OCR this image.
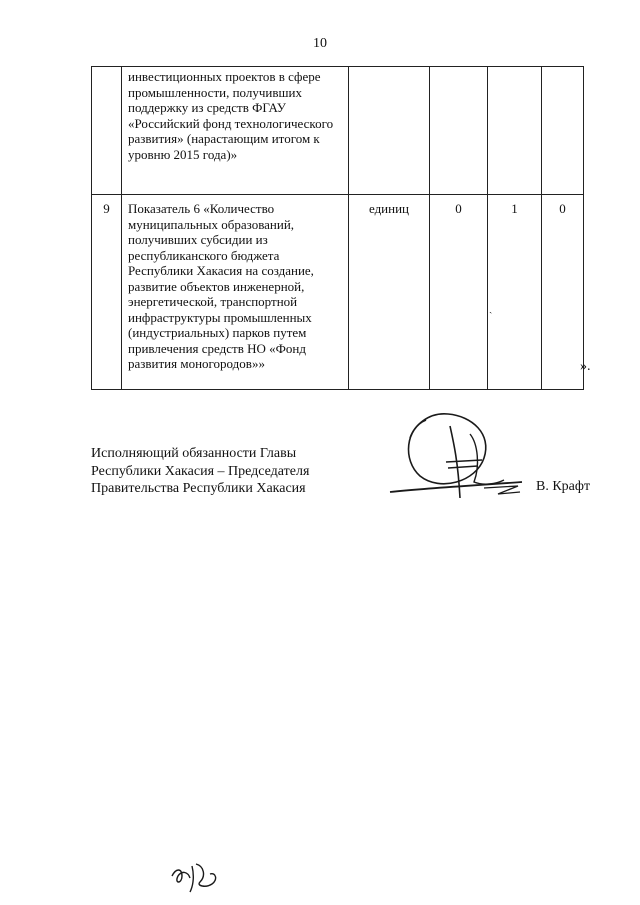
10
	инвестиционных проектов в сфере промышленности, получивших поддержку из средств ФГАУ «Российский фонд технологического развития» (нарастающим итогом к уровню 2015 года)»				
9	Показатель 6 «Количество муниципальных образований, получивших субсидии из республиканского бюджета Республики Хакасия на создание, развитие объектов инженерной, энергетической, транспортной инфраструктуры промышленных (индустриальных) парков путем привлечения средств НО «Фонд развития моногородов»»	единиц	0	1	0
ˏ
».
Исполняющий обязанности Главы
Республики Хакасия – Председателя
Правительства Республики Хакасия	В. Крафт
